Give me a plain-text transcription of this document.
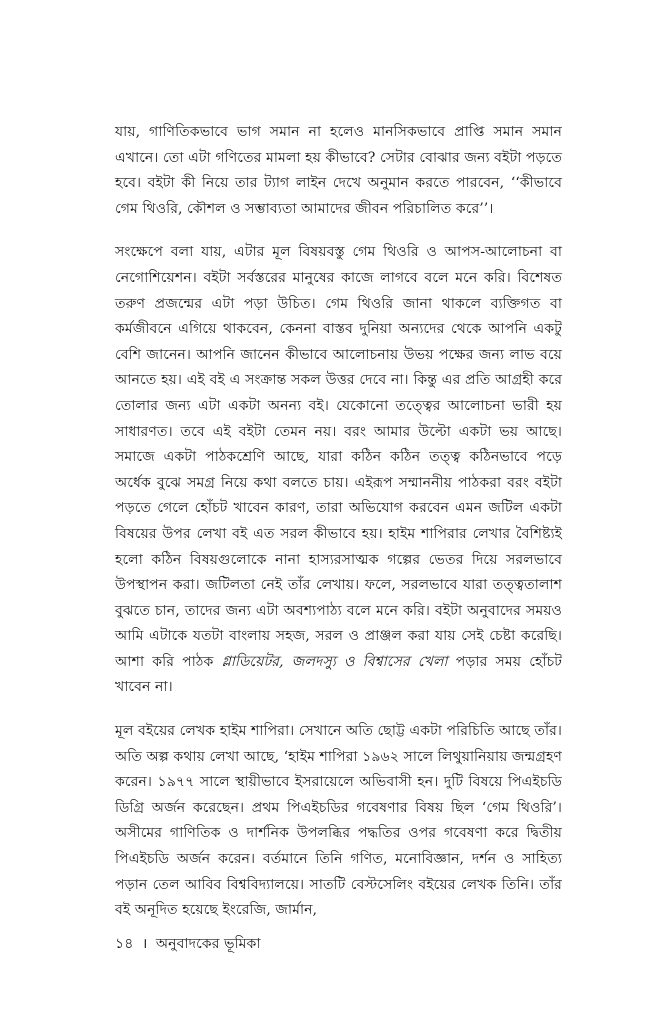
যায়, গাণিতিকভাবে ভাগ সমান না হলেও মানসিকভাবে প্রাপ্তি সমান সমান এখানে। তো এটা গণিতের মামলা হয় কীভাবে? সেটার বোঝার জন্য বইটা পড়তে হবে। বইটা কী নিয়ে তার ট্যাগ লাইন দেখে অনুমান করতে পারবেন, ‘‘কীভাবে গেম থিওরি, কৌশল ও সম্ভাব্যতা আমাদের জীবন পরিচালিত করে’’।

সংক্ষেপে বলা যায়, এটার মূল বিষয়বস্তু গেম থিওরি ও আপস-আলোচনা বা নেগোশিয়েশন। বইটা সর্বস্তরের মানুষের কাজে লাগবে বলে মনে করি। বিশেষত তরুণ প্রজন্মের এটা পড়া উচিত। গেম থিওরি জানা থাকলে ব্যক্তিগত বা কর্মজীবনে এগিয়ে থাকবেন, কেননা বাস্তব দুনিয়া অন্যদের থেকে আপনি একটু বেশি জানেন। আপনি জানেন কীভাবে আলোচনায় উভয় পক্ষের জন্য লাভ বয়ে আনতে হয়। এই বই এ সংক্রান্ত সকল উত্তর দেবে না। কিন্তু এর প্রতি আগ্রহী করে তোলার জন্য এটা একটা অনন্য বই। যেকোনো তত্ত্বের আলোচনা ভারী হয় সাধারণত। তবে এই বইটা তেমন নয়। বরং আমার উল্টো একটা ভয় আছে। সমাজে একটা পাঠকশ্রেণি আছে, যারা কঠিন কঠিন তত্ত্ব কঠিনভাবে পড়ে অর্ধেক বুঝে সমগ্র নিয়ে কথা বলতে চায়। এইরূপ সম্মাননীয় পাঠকরা বরং বইটা পড়তে গেলে হোঁচট খাবেন কারণ, তারা অভিযোগ করবেন এমন জটিল একটা বিষয়ের উপর লেখা বই এত সরল কীভাবে হয়। হাইম শাপিরার লেখার বৈশিষ্ট্যই হলো কঠিন বিষয়গুলোকে নানা হাস্যরসাত্মক গল্পের ভেতর দিয়ে সরলভাবে উপস্থাপন করা। জটিলতা নেই তাঁর লেখায়। ফলে, সরলভাবে যারা তত্ত্বতালাশ বুঝতে চান, তাদের জন্য এটা অবশ্যপাঠ্য বলে মনে করি। বইটা অনুবাদের সময়ও আমি এটাকে যতটা বাংলায় সহজ, সরল ও প্রাঞ্জল করা যায় সেই চেষ্টা করেছি। আশা করি পাঠক গ্লাডিয়েটর, জলদস্যু ও বিশ্বাসের খেলা পড়ার সময় হোঁচট খাবেন না।

মূল বইয়ের লেখক হাইম শাপিরা। সেখানে অতি ছোট্ট একটা পরিচিতি আছে তাঁর। অতি অল্প কথায় লেখা আছে, ‘হাইম শাপিরা ১৯৬২ সালে লিথুয়ানিয়ায় জন্মগ্রহণ করেন। ১৯৭৭ সালে স্থায়ীভাবে ইসরায়েলে অভিবাসী হন। দুটি বিষয়ে পিএইচডি ডিগ্রি অর্জন করেছেন। প্রথম পিএইচডির গবেষণার বিষয় ছিল ‘গেম থিওরি’। অসীমের গাণিতিক ও দার্শনিক উপলব্ধির পদ্ধতির ওপর গবেষণা করে দ্বিতীয় পিএইচডি অর্জন করেন। বর্তমানে তিনি গণিত, মনোবিজ্ঞান, দর্শন ও সাহিত্য পড়ান তেল আবিব বিশ্ববিদ্যালয়ে। সাতটি বেস্টসেলিং বইয়ের লেখক তিনি। তাঁর বই অনূদিত হয়েছে ইংরেজি, জার্মান,

১৪ । অনুবাদকের ভূমিকা
